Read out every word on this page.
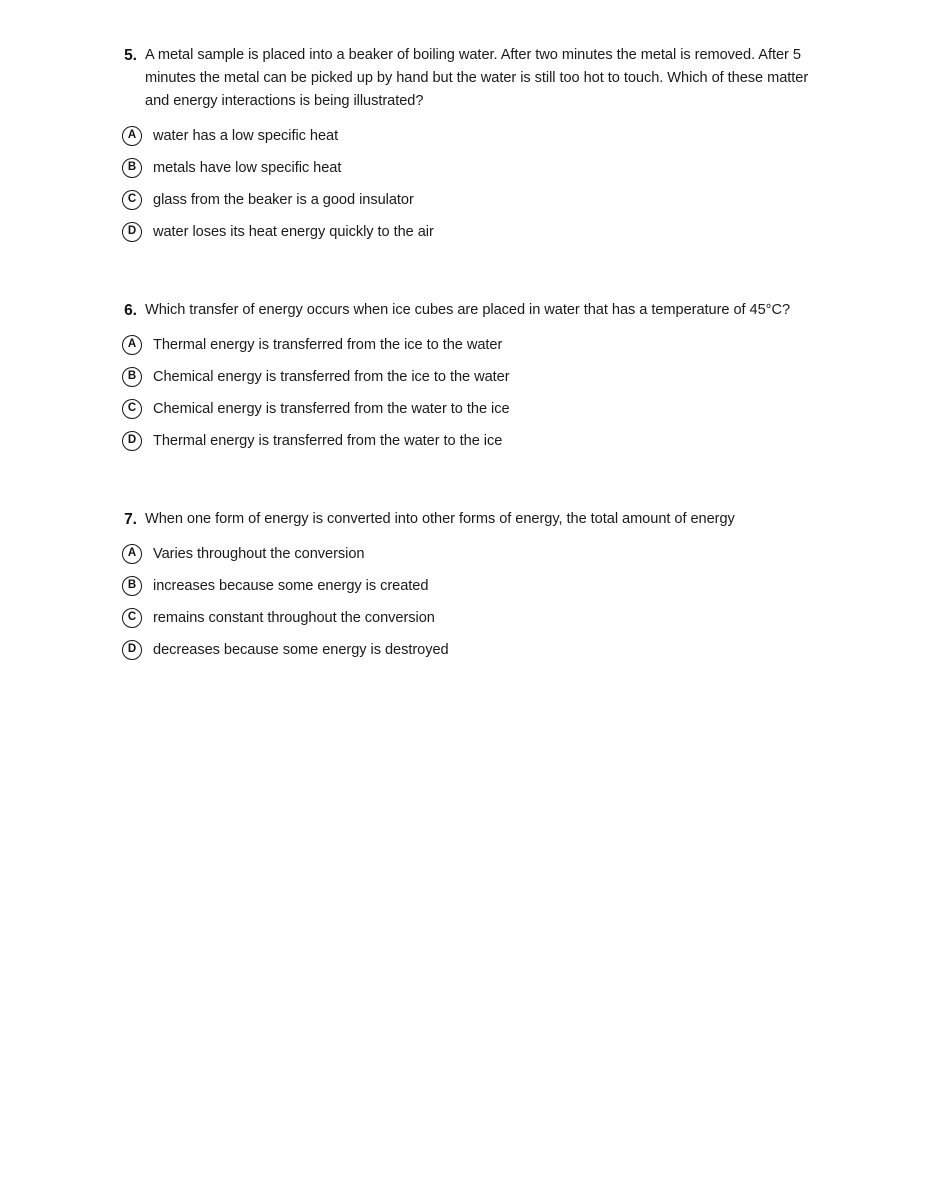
5. A metal sample is placed into a beaker of boiling water. After two minutes the metal is removed. After 5 minutes the metal can be picked up by hand but the water is still too hot to touch. Which of these matter and energy interactions is being illustrated?
A	water has a low specific heat
B	metals have low specific heat
C	glass from the beaker is a good insulator
D	water loses its heat energy quickly to the air
6. Which transfer of energy occurs when ice cubes are placed in water that has a temperature of 45°C?
A	Thermal energy is transferred from the ice to the water
B	Chemical energy is transferred from the ice to the water
C	Chemical energy is transferred from the water to the ice
D	Thermal energy is transferred from the water to the ice
7. When one form of energy is converted into other forms of energy, the total amount of energy
A	Varies throughout the conversion
B	increases because some energy is created
C	remains constant throughout the conversion
D	decreases because some energy is destroyed
